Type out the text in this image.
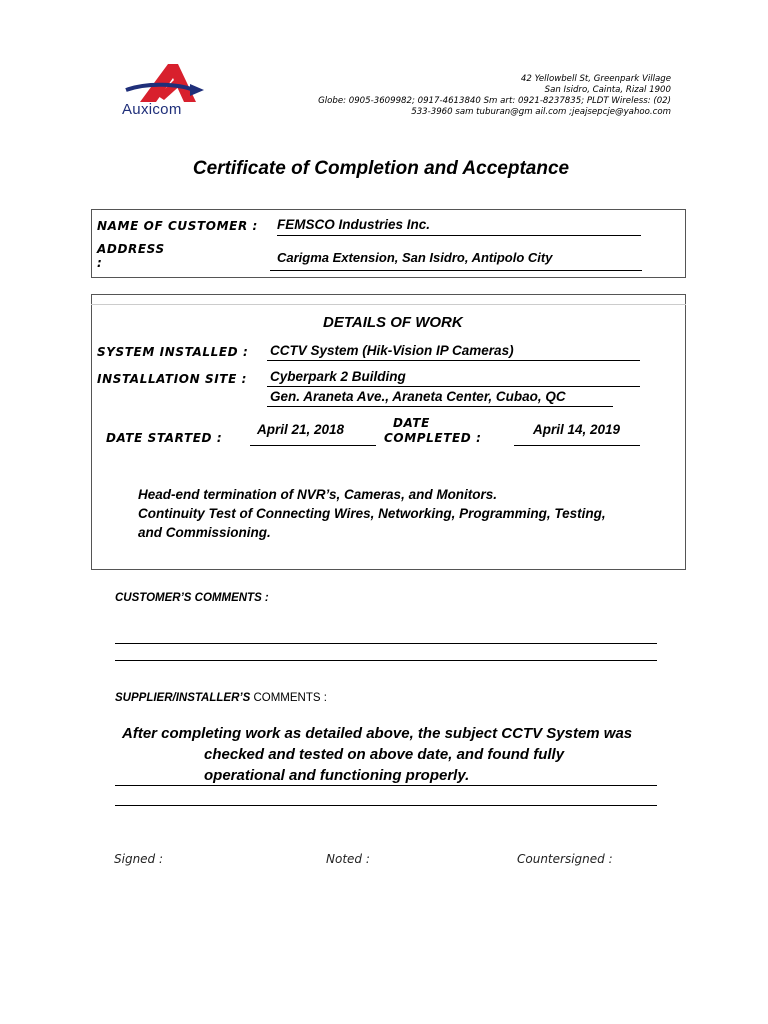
Auxicom
42 Yellowbell St, Greenpark Village
San Isidro, Cainta, Rizal 1900
Globe: 0905-3609982; 0917-4613840 Sm art: 0921-8237835; PLDT Wireless: (02)
533-3960 sam tuburan@gm ail.com ;jeajsepcje@yahoo.com
Certificate of Completion and Acceptance
NAME OF CUSTOMER : FEMSCO Industries Inc.
ADDRESS
:	Carigma Extension, San Isidro, Antipolo City
DETAILS OF WORK
SYSTEM INSTALLED : CCTV System (Hik-Vision IP Cameras)
INSTALLATION SITE : Cyberpark 2 Building
Gen. Araneta Ave., Araneta Center, Cubao, QC
DATE STARTED :
April 21, 2018	DATE
COMPLETED :
April 14, 2019
Head-end termination of NVR’s, Cameras, and Monitors.
Continuity Test of Connecting Wires, Networking, Programming, Testing,
and Commissioning.
CUSTOMER’S COMMENTS :
SUPPLIER/INSTALLER’S COMMENTS :
After completing work as detailed above, the subject CCTV System was
checked and tested on above date, and found fully
operational and functioning properly.
Signed :	Noted :	Countersigned :
